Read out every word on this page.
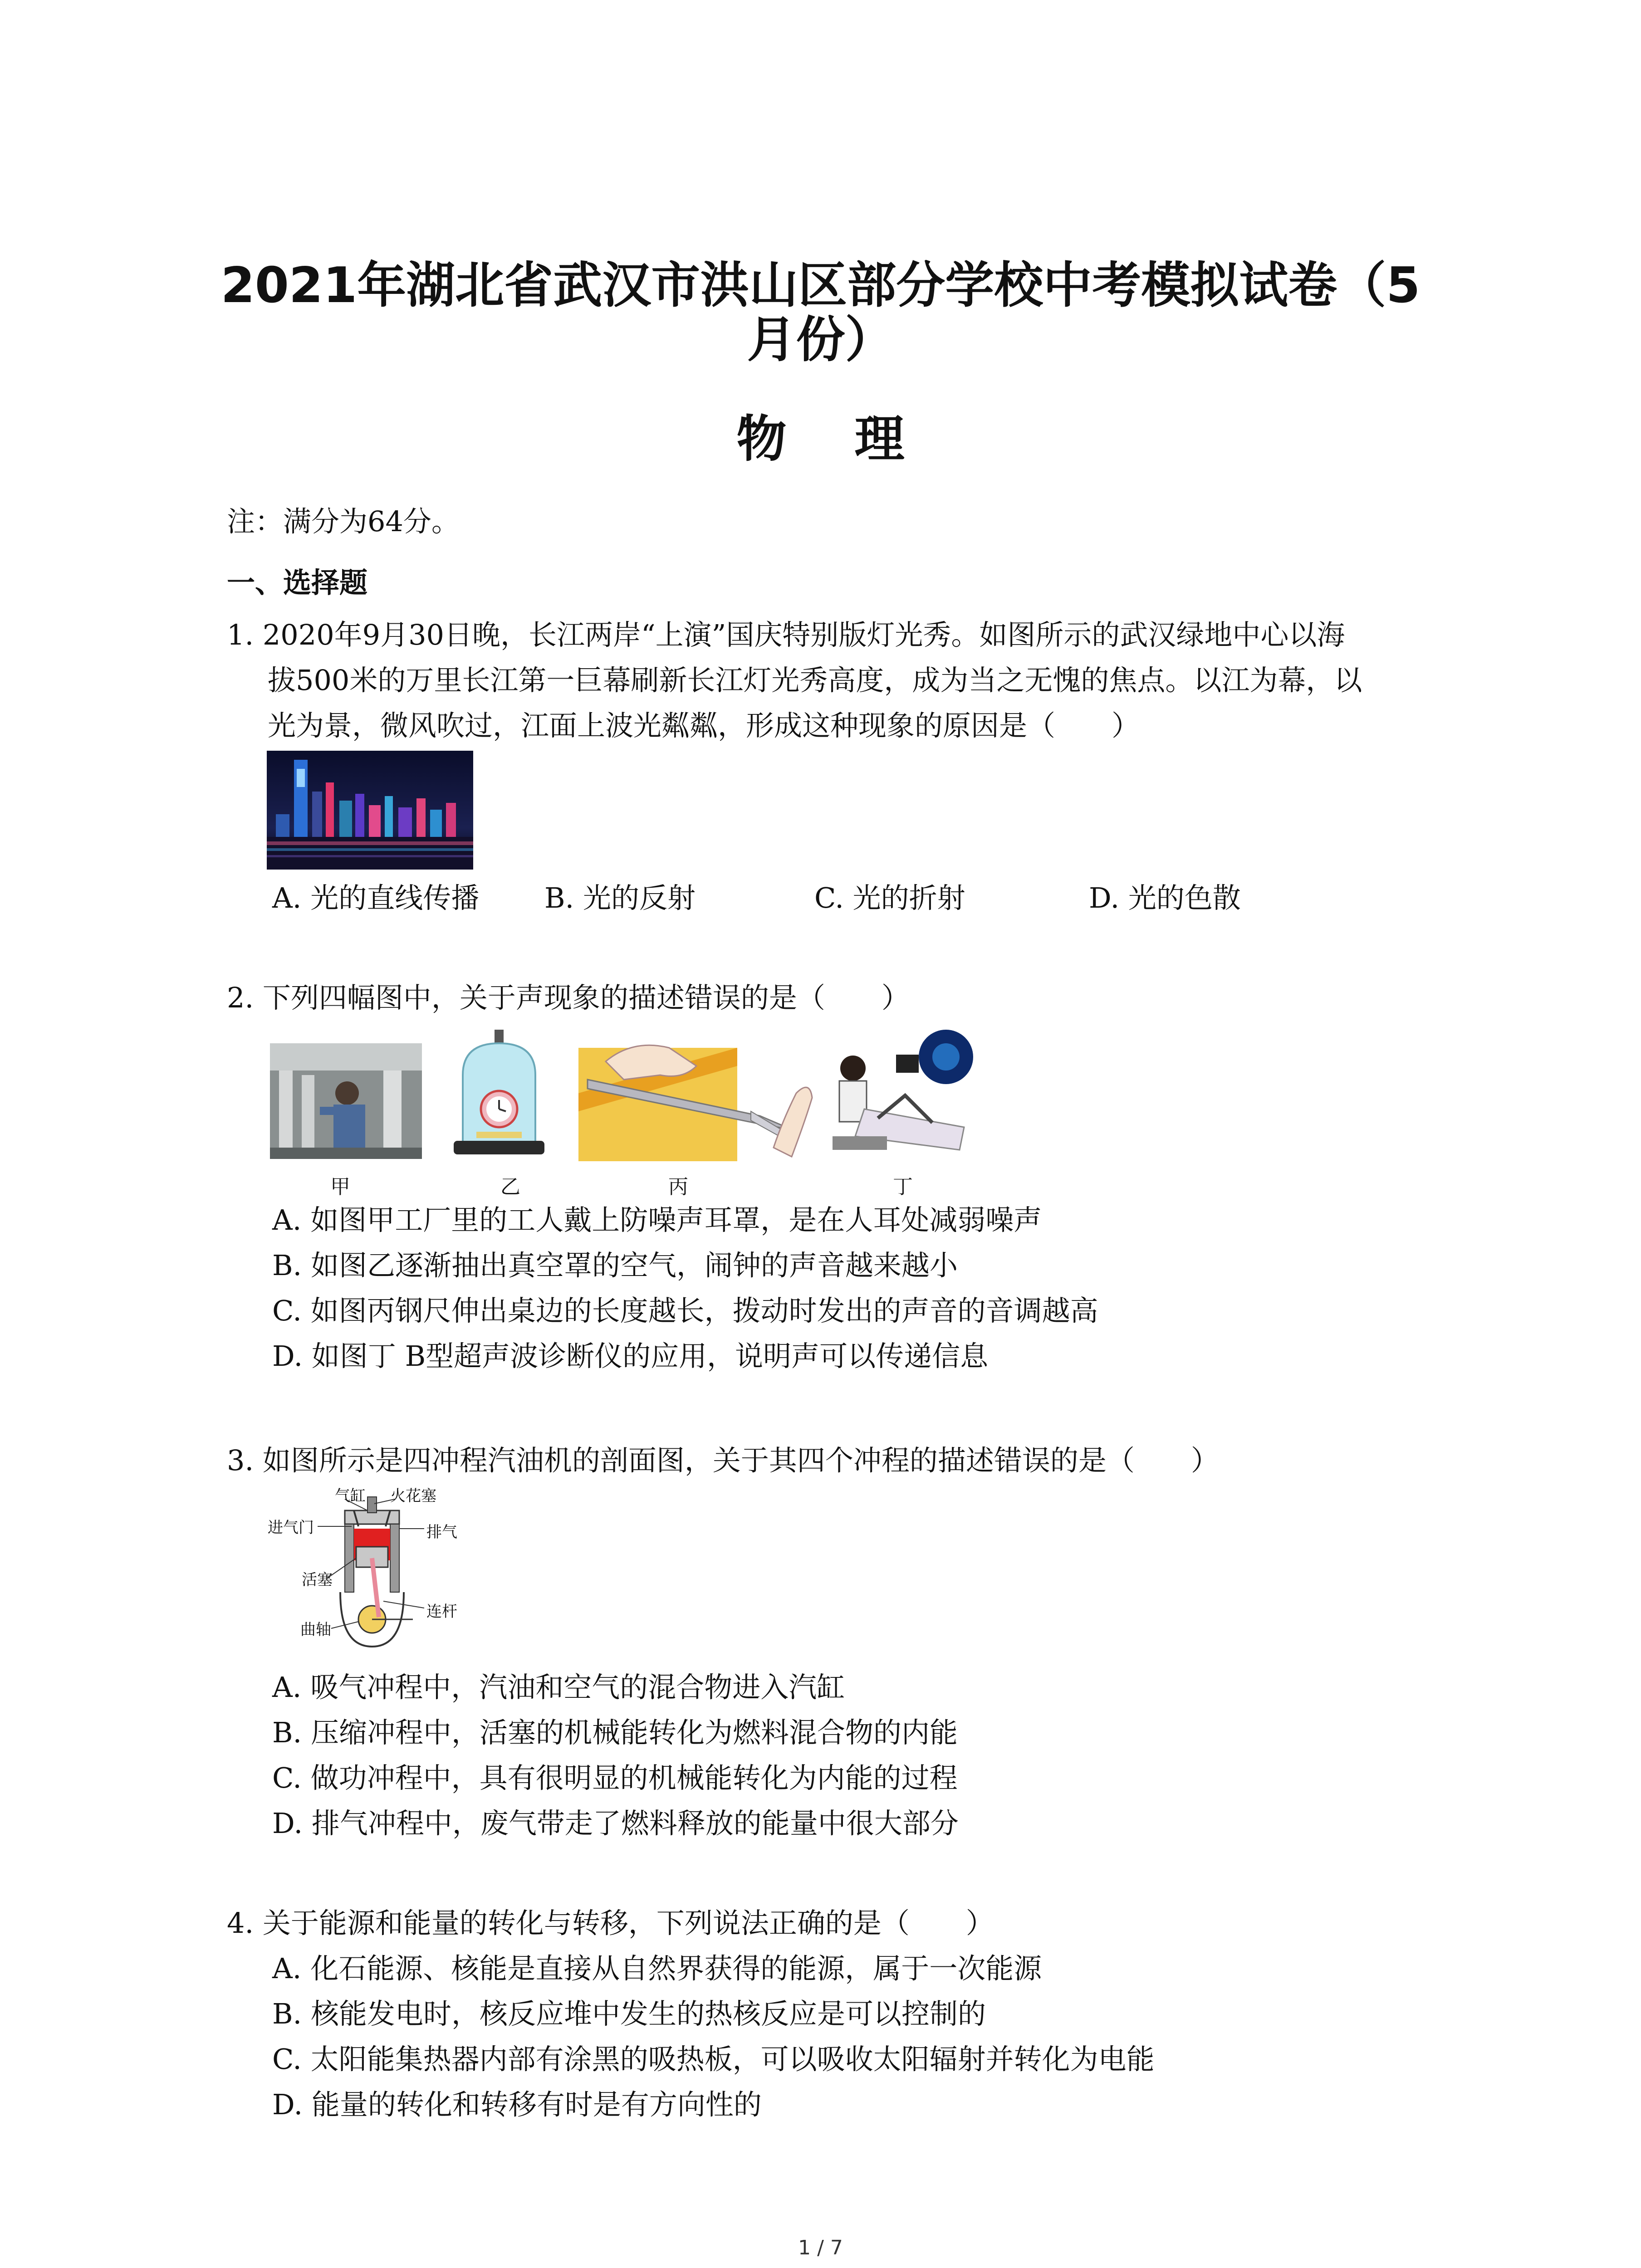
2021年湖北省武汉市洪山区部分学校中考模拟试卷（5
月份）
物理
注：满分为64分。
一、选择题
1. 2020年9月30日晚，长江两岸“上演”国庆特别版灯光秀。如图所示的武汉绿地中心以海
拔500米的万里长江第一巨幕刷新长江灯光秀高度，成为当之无愧的焦点。以江为幕，以
光为景，微风吹过，江面上波光粼粼，形成这种现象的原因是（　　）
A. 光的直线传播 B. 光的反射	C. 光的折射	D. 光的色散
2. 下列四幅图中，关于声现象的描述错误的是（　　）
甲	乙	丙	丁
A. 如图甲工厂里的工人戴上防噪声耳罩，是在人耳处减弱噪声
B. 如图乙逐渐抽出真空罩的空气，闹钟的声音越来越小
C. 如图丙钢尺伸出桌边的长度越长，拨动时发出的声音的音调越高
D. 如图丁 B型超声波诊断仪的应用，说明声可以传递信息
3. 如图所示是四冲程汽油机的剖面图，关于其四个冲程的描述错误的是（　　）
气缸 火花塞
进气门	排气
活塞
连杆
曲轴
A. 吸气冲程中，汽油和空气的混合物进入汽缸
B. 压缩冲程中，活塞的机械能转化为燃料混合物的内能
C. 做功冲程中，具有很明显的机械能转化为内能的过程
D. 排气冲程中，废气带走了燃料释放的能量中很大部分
4. 关于能源和能量的转化与转移，下列说法正确的是（　　）
A. 化石能源、核能是直接从自然界获得的能源，属于一次能源
B. 核能发电时，核反应堆中发生的热核反应是可以控制的
C. 太阳能集热器内部有涂黑的吸热板，可以吸收太阳辐射并转化为电能
D. 能量的转化和转移有时是有方向性的
1 / 7
